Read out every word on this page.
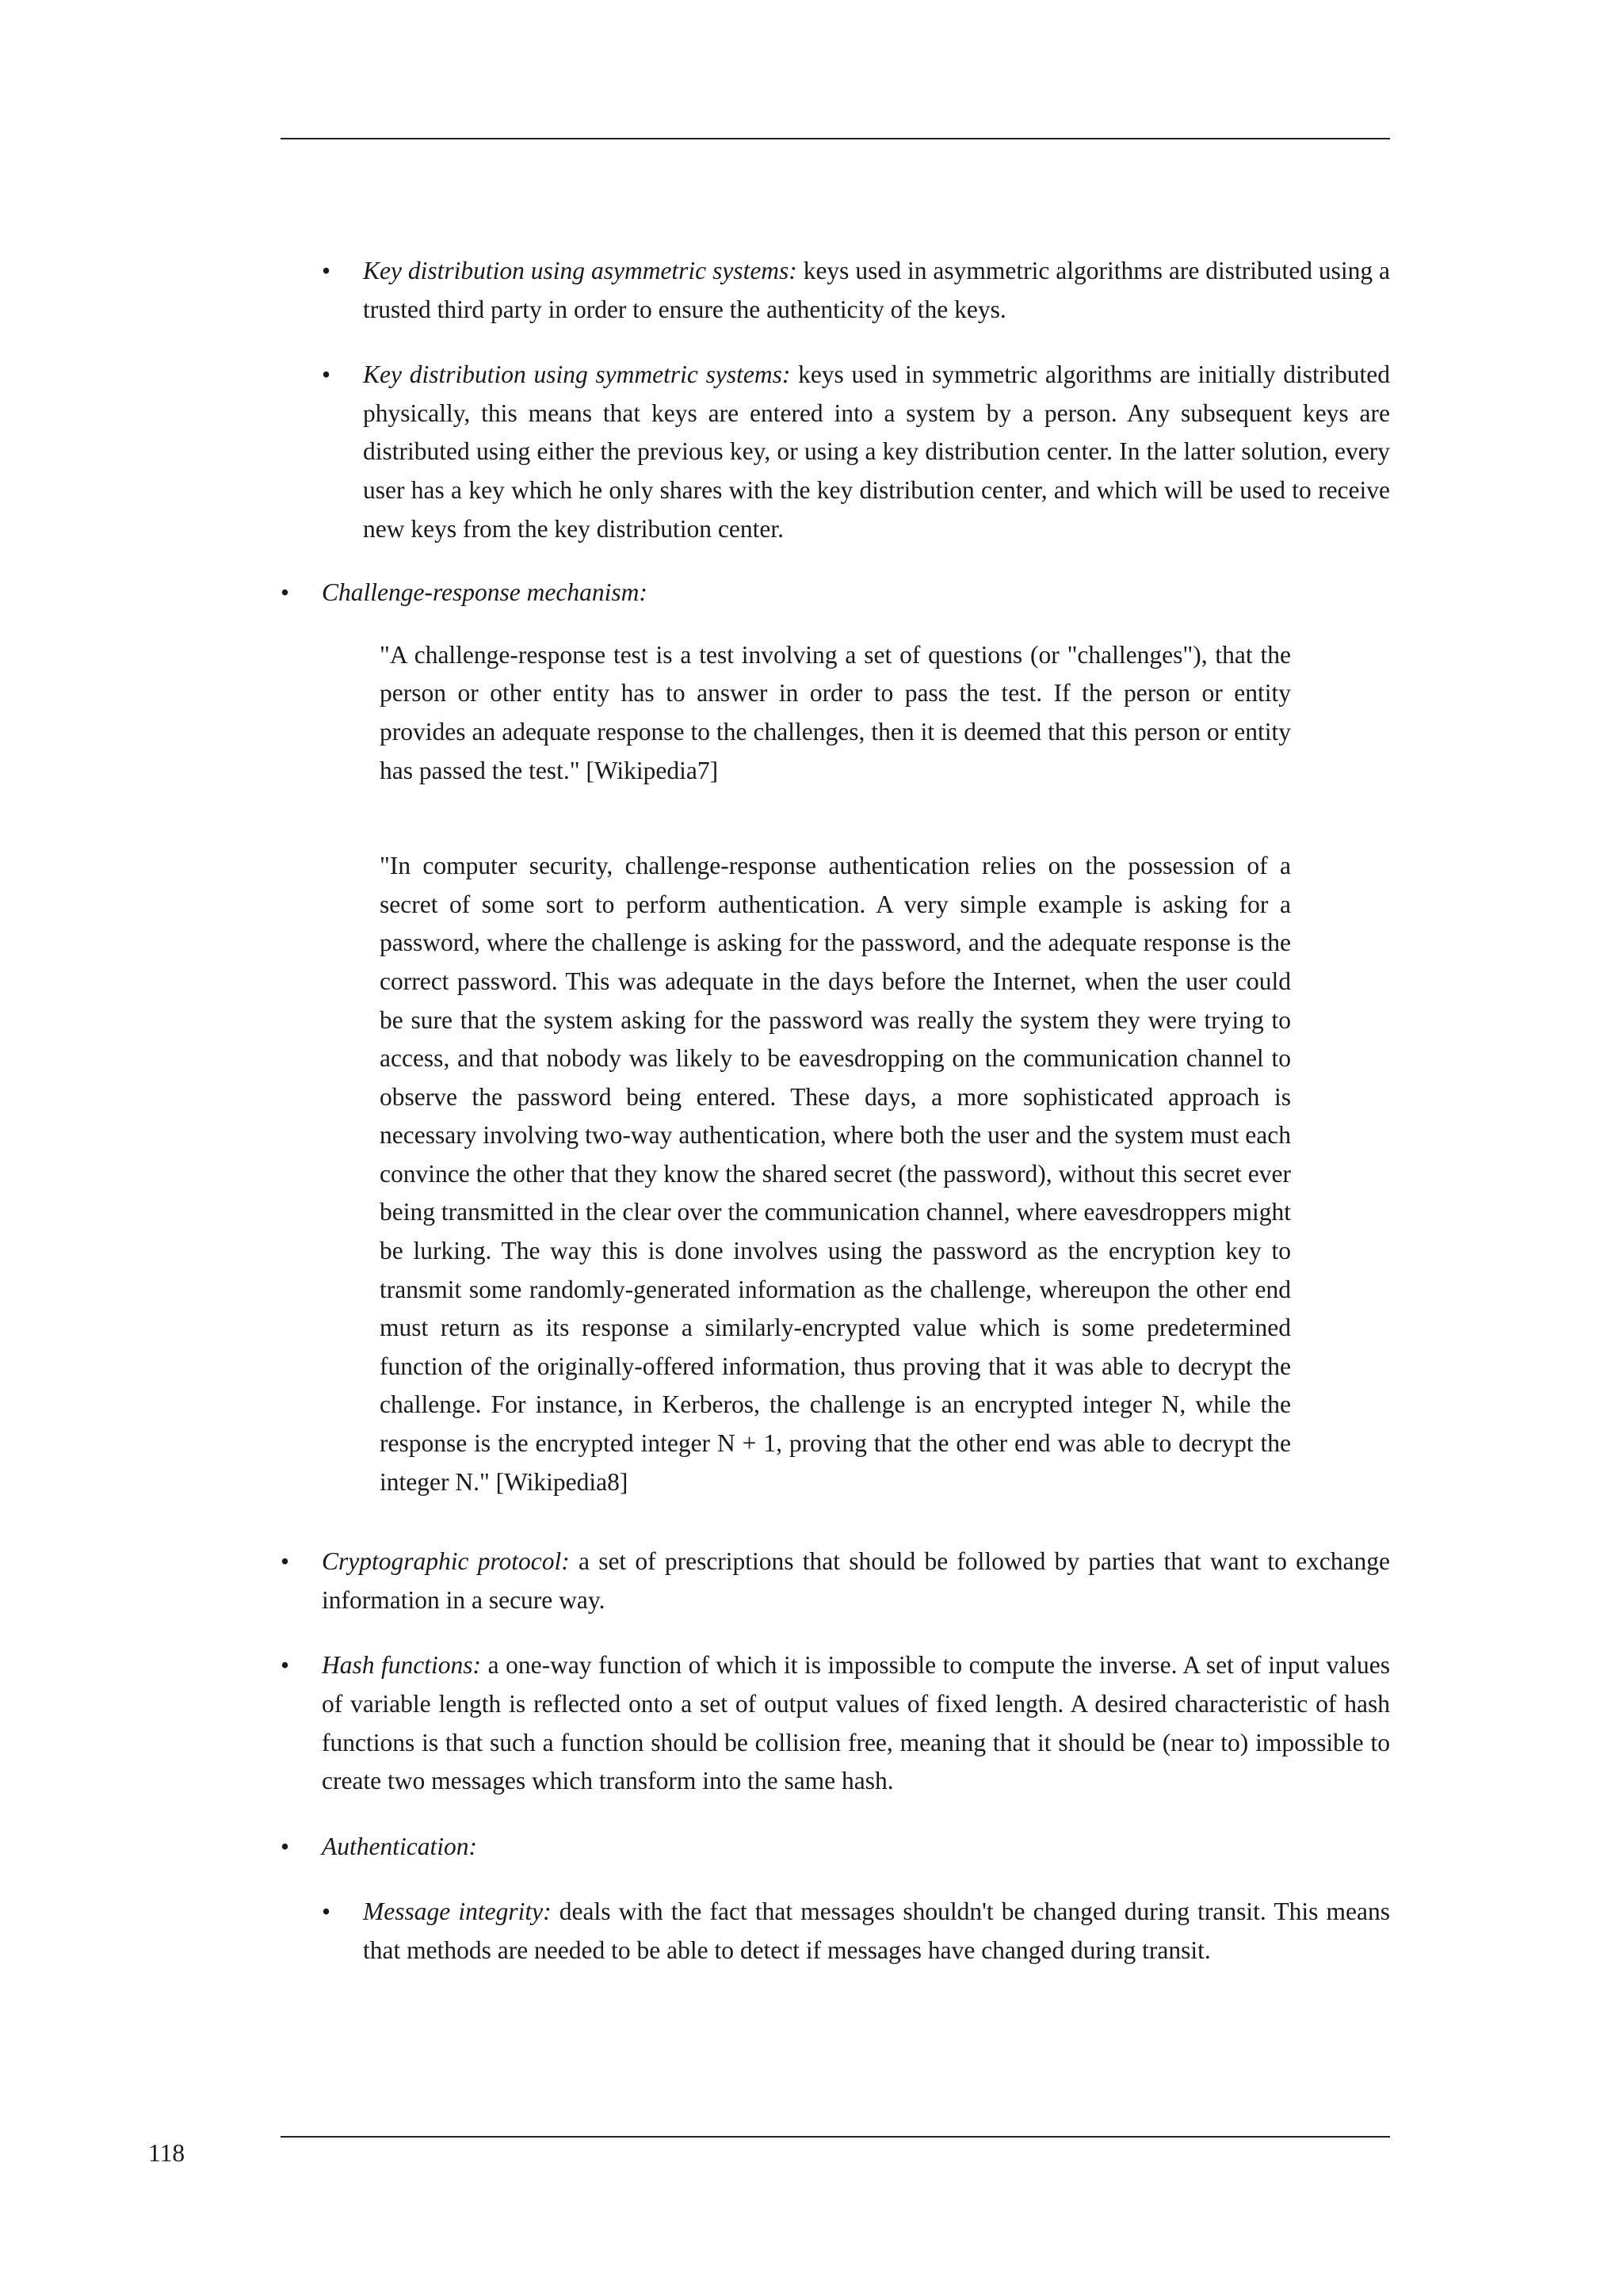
•	Key distribution using asymmetric systems: keys used in asymmetric algorithms are distributed using a trusted third party in order to ensure the authenticity of the keys.

•	Key distribution using symmetric systems: keys used in symmetric algorithms are initially distributed physically, this means that keys are entered into a system by a person. Any subsequent keys are distributed using either the previous key, or using a key distribution center. In the latter solution, every user has a key which he only shares with the key distribution center, and which will be used to receive new keys from the key distribution center.

•	Challenge-response mechanism:

"A challenge-response test is a test involving a set of questions (or "challenges"), that the person or other entity has to answer in order to pass the test. If the person or entity provides an adequate response to the challenges, then it is deemed that this person or entity has passed the test." [Wikipedia7]

"In computer security, challenge-response authentication relies on the possession of a secret of some sort to perform authentication. A very simple example is asking for a password, where the challenge is asking for the password, and the adequate response is the correct password. This was adequate in the days before the Internet, when the user could be sure that the system asking for the password was really the system they were trying to access, and that nobody was likely to be eavesdropping on the communication channel to observe the password being entered. These days, a more sophisticated approach is necessary involving two-way authentication, where both the user and the system must each convince the other that they know the shared secret (the password), without this secret ever being transmitted in the clear over the communication channel, where eavesdroppers might be lurking. The way this is done involves using the password as the encryption key to transmit some randomly-generated information as the challenge, whereupon the other end must return as its response a similarly-encrypted value which is some predetermined function of the originally-offered information, thus proving that it was able to decrypt the challenge. For instance, in Kerberos, the challenge is an encrypted integer N, while the response is the encrypted integer N + 1, proving that the other end was able to decrypt the integer N." [Wikipedia8]

•	Cryptographic protocol: a set of prescriptions that should be followed by parties that want to exchange information in a secure way.

•	Hash functions: a one-way function of which it is impossible to compute the inverse. A set of input values of variable length is reflected onto a set of output values of fixed length. A desired characteristic of hash functions is that such a function should be collision free, meaning that it should be (near to) impossible to create two messages which transform into the same hash.

•	Authentication:

•	Message integrity: deals with the fact that messages shouldn't be changed during transit. This means that methods are needed to be able to detect if messages have changed during transit.

118
